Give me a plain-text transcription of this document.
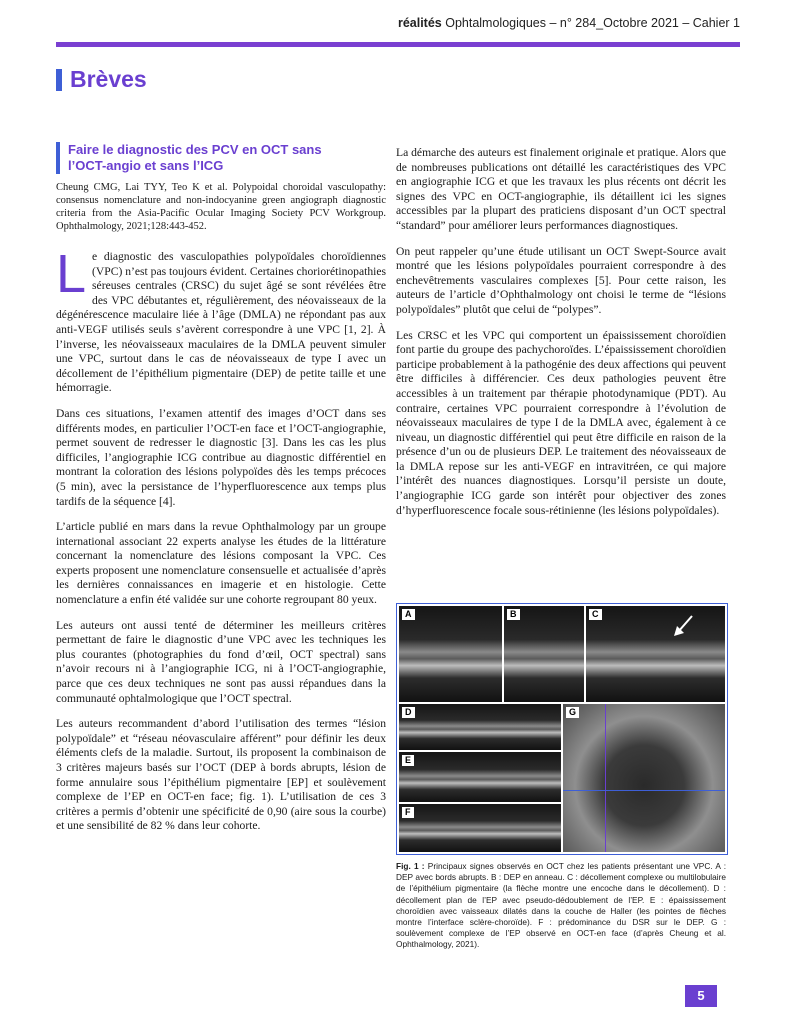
réalités Ophtalmologiques – n° 284_Octobre 2021 – Cahier 1
Brèves
Faire le diagnostic des PCV en OCT sans l’OCT-angio et sans l’ICG
Cheung CMG, Lai TYY, Teo K et al. Polypoidal choroidal vasculopathy: consensus nomenclature and non-indocyanine green angiograph diagnostic criteria from the Asia-Pacific Ocular Imaging Society PCV Workgroup. Ophthalmology, 2021;128:443-452.

Le diagnostic des vasculopathies polypoïdales choroïdiennes (VPC) n’est pas toujours évident. Certaines choriorétinopathies séreuses centrales (CRSC) du sujet âgé se sont révélées être des VPC débutantes et, régulièrement, des néovaisseaux de la dégénérescence maculaire liée à l’âge (DMLA) ne répondant pas aux anti-VEGF utilisés seuls s’avèrent correspondre à une VPC [1, 2]. À l’inverse, les néovaisseaux maculaires de la DMLA peuvent simuler une VPC, surtout dans le cas de néovaisseaux de type I avec un décollement de l’épithélium pigmentaire (DEP) de petite taille et une hémorragie.

Dans ces situations, l’examen attentif des images d’OCT dans ses différents modes, en particulier l’OCT-en face et l’OCT-angiographie, permet souvent de redresser le diagnostic [3]. Dans les cas les plus difficiles, l’angiographie ICG contribue au diagnostic différentiel en montrant la coloration des lésions polypoïdes dès les temps précoces (5 min), avec la persistance de l’hyperfluorescence aux temps plus tardifs de la séquence [4].

L’article publié en mars dans la revue Ophthalmology par un groupe international associant 22 experts analyse les études de la littérature concernant la nomenclature des lésions composant la VPC. Ces experts proposent une nomenclature consensuelle et actualisée d’après les dernières connaissances en imagerie et en histologie. Cette nomenclature a enfin été validée sur une cohorte regroupant 80 yeux.

Les auteurs ont aussi tenté de déterminer les meilleurs critères permettant de faire le diagnostic d’une VPC avec les techniques les plus courantes (photographies du fond d’œil, OCT spectral) sans n’avoir recours ni à l’angiographie ICG, ni à l’OCT-angiographie, parce que ces deux techniques ne sont pas aussi répandues dans la communauté ophtalmologique que l’OCT spectral.

Les auteurs recommandent d’abord l’utilisation des termes “lésion polypoïdale” et “réseau néovasculaire afférent” pour définir les deux éléments clefs de la maladie. Surtout, ils proposent la combinaison de 3 critères majeurs basés sur l’OCT (DEP à bords abrupts, lésion de forme annulaire sous l’épithélium pigmentaire [EP] et soulèvement complexe de l’EP en OCT-en face; fig. 1). L’utilisation de ces 3 critères a permis d’obtenir une spécificité de 0,90 (aire sous la courbe) et une sensibilité de 82 % dans leur cohorte.

La démarche des auteurs est finalement originale et pratique. Alors que de nombreuses publications ont détaillé les caractéristiques des VPC en angiographie ICG et que les travaux les plus récents ont décrit les signes des VPC en OCT-angiographie, ils détaillent ici les signes accessibles par la plupart des praticiens disposant d’un OCT spectral “standard” pour améliorer leurs performances diagnostiques.

On peut rappeler qu’une étude utilisant un OCT Swept-Source avait montré que les lésions polypoïdales pourraient correspondre à des enchevêtrements vasculaires complexes [5]. Pour cette raison, les auteurs de l’article d’Ophthalmology ont choisi le terme de “lésions polypoïdales” plutôt que celui de “polypes”.

Les CRSC et les VPC qui comportent un épaississement choroïdien font partie du groupe des pachychoroïdes. L’épaississement choroïdien participe probablement à la pathogénie des deux affections qui peuvent être difficiles à différencier. Ces deux pathologies peuvent être accessibles à un traitement par thérapie photodynamique (PDT). Au contraire, certaines VPC pourraient correspondre à l’évolution de néovaisseaux maculaires de type I de la DMLA avec, également à ce niveau, un diagnostic différentiel qui peut être difficile en raison de la présence d’un ou de plusieurs DEP. Le traitement des néovaisseaux de la DMLA repose sur les anti-VEGF en intravitréen, ce qui majore l’intérêt des nuances diagnostiques. Lorsqu’il persiste un doute, l’angiographie ICG garde son intérêt pour objectiver des zones d’hyperfluorescence focale sous-rétinienne (les lésions polypoïdales).

A	B	C
D
E
F
G
Fig. 1 : Principaux signes observés en OCT chez les patients présentant une VPC. A : DEP avec bords abrupts. B : DEP en anneau. C : décollement complexe ou multilobulaire de l’épithélium pigmentaire (la flèche montre une encoche dans le décollement). D : décollement plan de l’EP avec pseudo-dédoublement de l’EP. E : épaississement choroïdien avec vaisseaux dilatés dans la couche de Haller (les pointes de flèches montre l’interface sclère-choroïde). F : prédominance du DSR sur le DEP. G : soulèvement complexe de l’EP observé en OCT-en face (d’après Cheung et al. Ophthalmology, 2021).
5
